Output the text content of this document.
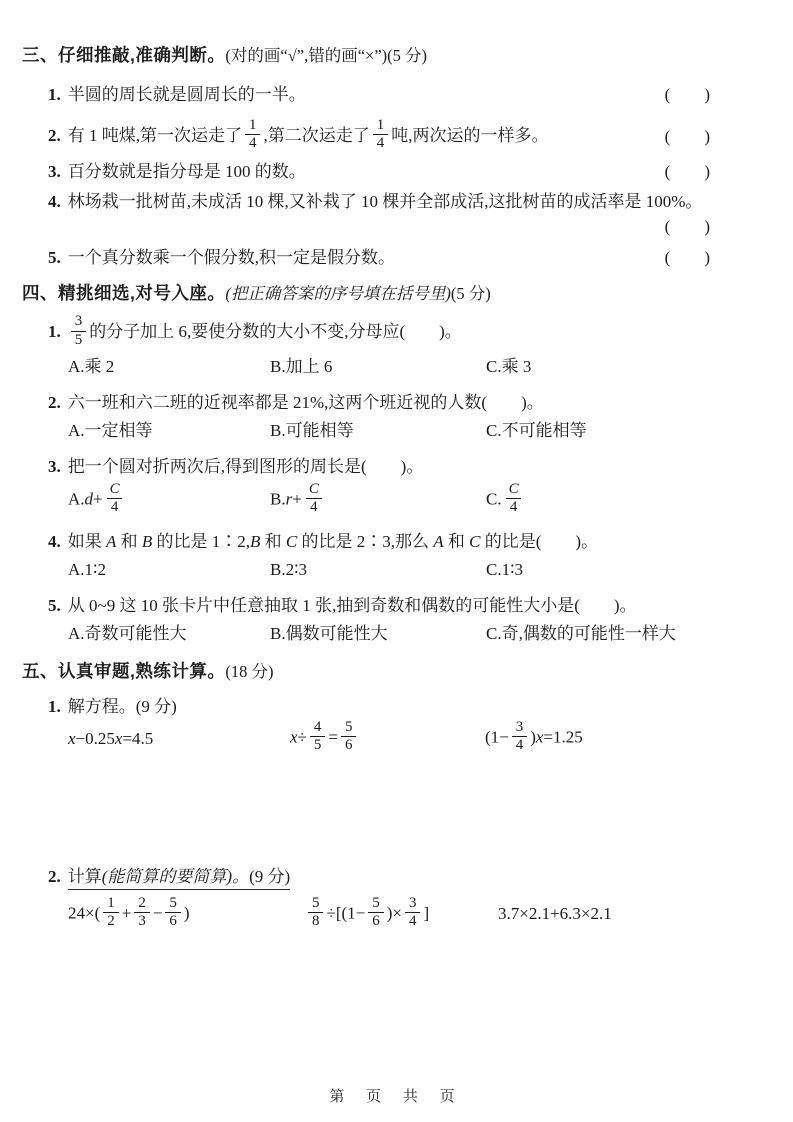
三、仔细推敲,准确判断。(对的画“√”,错的画“×”)(5 分)
1. 半圆的周长就是圆周长的一半。	(　　)
2. 有 1 吨煤,第一次运走了 $\frac{1}{4}$ ,第二次运走了 $\frac{1}{4}$ 吨,两次运的一样多。	(　　)
3. 百分数就是指分母是 100 的数。	(　　)
4. 林场栽一批树苗,未成活 10 棵,又补栽了 10 棵并全部成活,这批树苗的成活率是 100%。
(　　)
5. 一个真分数乘一个假分数,积一定是假分数。	(　　)
四、精挑细选,对号入座。(把正确答案的序号填在括号里)(5 分)
1. $\frac{3}{5}$ 的分子加上 6,要使分数的大小不变,分母应(　　)。
A.乘 2	B.加上 6	C.乘 3
2. 六一班和六二班的近视率都是 21%,这两个班近视的人数(　　)。
A.一定相等	B.可能相等	C.不可能相等
3. 把一个圆对折两次后,得到图形的周长是(　　)。
$A.d+ \frac{C}{4}$	$B.r+ \frac{C}{4}$	C. $\frac{C}{4}$
4. 如果 A 和 B 的比是 1∶2,B 和 C 的比是 2∶3,那么 A 和 C 的比是(　　)。
A.1∶2	B.2∶3	C.1∶3
5. 从 0~9 这 10 张卡片中任意抽取 1 张,抽到奇数和偶数的可能性大小是(　　)。
A.奇数可能性大	B.偶数可能性大	C.奇,偶数的可能性一样大
五、认真审题,熟练计算。(18 分)
1. 解方程。(9 分)
x−0.25x=4.5	$x\div \frac{4}{5} = \frac{5}{6}$	$(1- \frac{3}{4} )x=1.25$
2. 计算(能简算的要简算)。(9 分)
$24\times( \frac{1}{2} + \frac{2}{3} - \frac{5}{6}$ )	$\frac{5}{8} \div[(1- \frac{5}{6}$ )× $\frac{3}{4}$ ]	3.7×2.1+6.3×2.1
第 页 共 页
